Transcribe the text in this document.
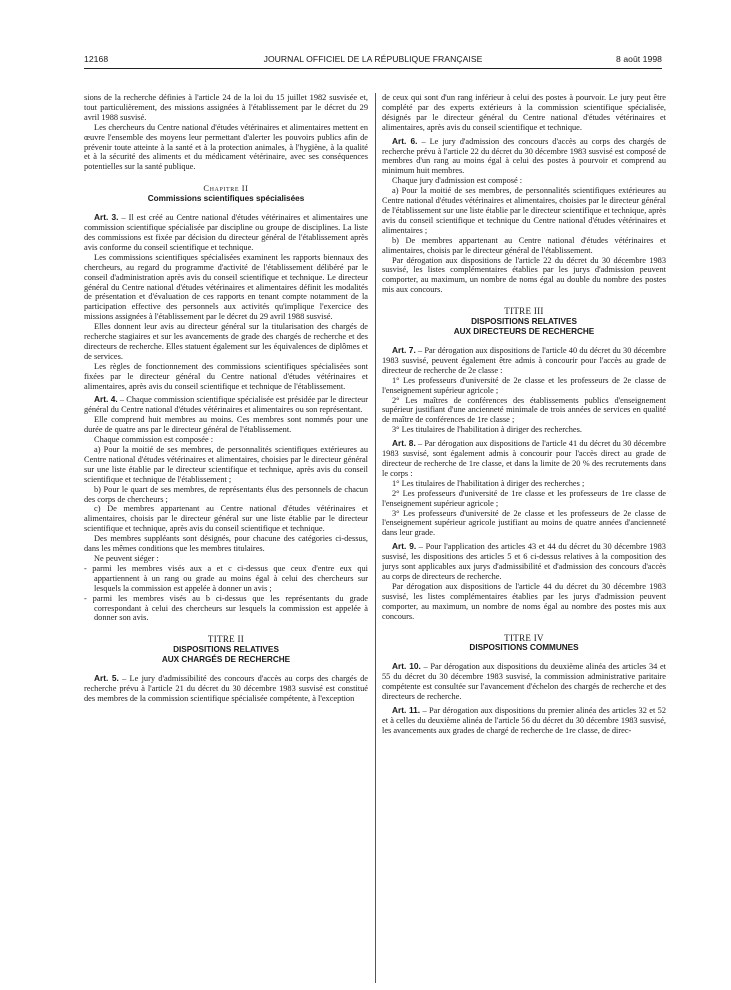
12168	JOURNAL OFFICIEL DE LA RÉPUBLIQUE FRANÇAISE	8 août 1998

sions de la recherche définies à l'article 24 de la loi du 15 juillet 1982 susvisée et, tout particulièrement, des missions assignées à l'établissement par le décret du 29 avril 1988 susvisé.

Les chercheurs du Centre national d'études vétérinaires et alimentaires mettent en œuvre l'ensemble des moyens leur permettant d'alerter les pouvoirs publics afin de prévenir toute atteinte à la santé et à la protection animales, à l'hygiène, à la qualité et à la sécurité des aliments et du médicament vétérinaire, avec ses conséquences potentielles sur la santé publique.

Chapitre II

Commissions scientifiques spécialisées

Art. 3. – Il est créé au Centre national d'études vétérinaires et alimentaires une commission scientifique spécialisée par discipline ou groupe de disciplines. La liste des commissions est fixée par décision du directeur général de l'établissement après avis conforme du conseil scientifique et technique.

Les commissions scientifiques spécialisées examinent les rapports biennaux des chercheurs, au regard du programme d'activité de l'établissement délibéré par le conseil d'administration après avis du conseil scientifique et technique. Le directeur général du Centre national d'études vétérinaires et alimentaires définit les modalités de présentation et d'évaluation de ces rapports en tenant compte notamment de la participation effective des personnels aux activités qu'implique l'exercice des missions assignées à l'établissement par le décret du 29 avril 1988 susvisé.

Elles donnent leur avis au directeur général sur la titularisation des chargés de recherche stagiaires et sur les avancements de grade des chargés de recherche et des directeurs de recherche. Elles statuent également sur les équivalences de diplômes et de services.

Les règles de fonctionnement des commissions scientifiques spécialisées sont fixées par le directeur général du Centre national d'études vétérinaires et alimentaires, après avis du conseil scientifique et technique de l'établissement.

Art. 4. – Chaque commission scientifique spécialisée est présidée par le directeur général du Centre national d'études vétérinaires et alimentaires ou son représentant.

Elle comprend huit membres au moins. Ces membres sont nommés pour une durée de quatre ans par le directeur général de l'établissement.

Chaque commission est composée :

a) Pour la moitié de ses membres, de personnalités scientifiques extérieures au Centre national d'études vétérinaires et alimentaires, choisies par le directeur général sur une liste établie par le directeur scientifique et technique, après avis du conseil scientifique et technique de l'établissement ;

b) Pour le quart de ses membres, de représentants élus des personnels de chacun des corps de chercheurs ;

c) De membres appartenant au Centre national d'études vétérinaires et alimentaires, choisis par le directeur général sur une liste établie par le directeur scientifique et technique, après avis du conseil scientifique et technique.

Des membres suppléants sont désignés, pour chacune des catégories ci-dessus, dans les mêmes conditions que les membres titulaires.

Ne peuvent siéger :

- parmi les membres visés aux a et c ci-dessus que ceux d'entre eux qui appartiennent à un rang ou grade au moins égal à celui des chercheurs sur lesquels la commission est appelée à donner un avis ;

- parmi les membres visés au b ci-dessus que les représentants du grade correspondant à celui des chercheurs sur lesquels la commission est appelée à donner son avis.

TITRE II

DISPOSITIONS RELATIVES
AUX CHARGÉS DE RECHERCHE

Art. 5. – Le jury d'admissibilité des concours d'accès au corps des chargés de recherche prévu à l'article 21 du décret du 30 décembre 1983 susvisé est constitué des membres de la commission scientifique spécialisée compétente, à l'exception

de ceux qui sont d'un rang inférieur à celui des postes à pourvoir. Le jury peut être complété par des experts extérieurs à la commission scientifique spécialisée, désignés par le directeur général du Centre national d'études vétérinaires et alimentaires, après avis du conseil scientifique et technique.

Art. 6. – Le jury d'admission des concours d'accès au corps des chargés de recherche prévu à l'article 22 du décret du 30 décembre 1983 susvisé est composé de membres d'un rang au moins égal à celui des postes à pourvoir et comprend au minimum huit membres.

Chaque jury d'admission est composé :

a) Pour la moitié de ses membres, de personnalités scientifiques extérieures au Centre national d'études vétérinaires et alimentaires, choisies par le directeur général de l'établissement sur une liste établie par le directeur scientifique et technique, après avis du conseil scientifique et technique du Centre national d'études vétérinaires et alimentaires ;

b) De membres appartenant au Centre national d'études vétérinaires et alimentaires, choisis par le directeur général de l'établissement.

Par dérogation aux dispositions de l'article 22 du décret du 30 décembre 1983 susvisé, les listes complémentaires établies par les jurys d'admission peuvent comporter, au maximum, un nombre de noms égal au double du nombre des postes mis aux concours.

TITRE III

DISPOSITIONS RELATIVES
AUX DIRECTEURS DE RECHERCHE

Art. 7. – Par dérogation aux dispositions de l'article 40 du décret du 30 décembre 1983 susvisé, peuvent également être admis à concourir pour l'accès au grade de directeur de recherche de 2e classe :

1° Les professeurs d'université de 2e classe et les professeurs de 2e classe de l'enseignement supérieur agricole ;

2° Les maîtres de conférences des établissements publics d'enseignement supérieur justifiant d'une ancienneté minimale de trois années de services en qualité de maître de conférences de 1re classe ;

3° Les titulaires de l'habilitation à diriger des recherches.

Art. 8. – Par dérogation aux dispositions de l'article 41 du décret du 30 décembre 1983 susvisé, sont également admis à concourir pour l'accès direct au grade de directeur de recherche de 1re classe, et dans la limite de 20 % des recrutements dans le corps :

1° Les titulaires de l'habilitation à diriger des recherches ;

2° Les professeurs d'université de 1re classe et les professeurs de 1re classe de l'enseignement supérieur agricole ;

3° Les professeurs d'université de 2e classe et les professeurs de 2e classe de l'enseignement supérieur agricole justifiant au moins de quatre années d'ancienneté dans leur grade.

Art. 9. – Pour l'application des articles 43 et 44 du décret du 30 décembre 1983 susvisé, les dispositions des articles 5 et 6 ci-dessus relatives à la composition des jurys sont applicables aux jurys d'admissibilité et d'admission des concours d'accès au corps de directeurs de recherche.

Par dérogation aux dispositions de l'article 44 du décret du 30 décembre 1983 susvisé, les listes complémentaires établies par les jurys d'admission peuvent comporter, au maximum, un nombre de noms égal au nombre des postes mis aux concours.

TITRE IV

DISPOSITIONS COMMUNES

Art. 10. – Par dérogation aux dispositions du deuxième alinéa des articles 34 et 55 du décret du 30 décembre 1983 susvisé, la commission administrative paritaire compétente est consultée sur l'avancement d'échelon des chargés de recherche et des directeurs de recherche.

Art. 11. – Par dérogation aux dispositions du premier alinéa des articles 32 et 52 et à celles du deuxième alinéa de l'article 56 du décret du 30 décembre 1983 susvisé, les avancements aux grades de chargé de recherche de 1re classe, de direc-
